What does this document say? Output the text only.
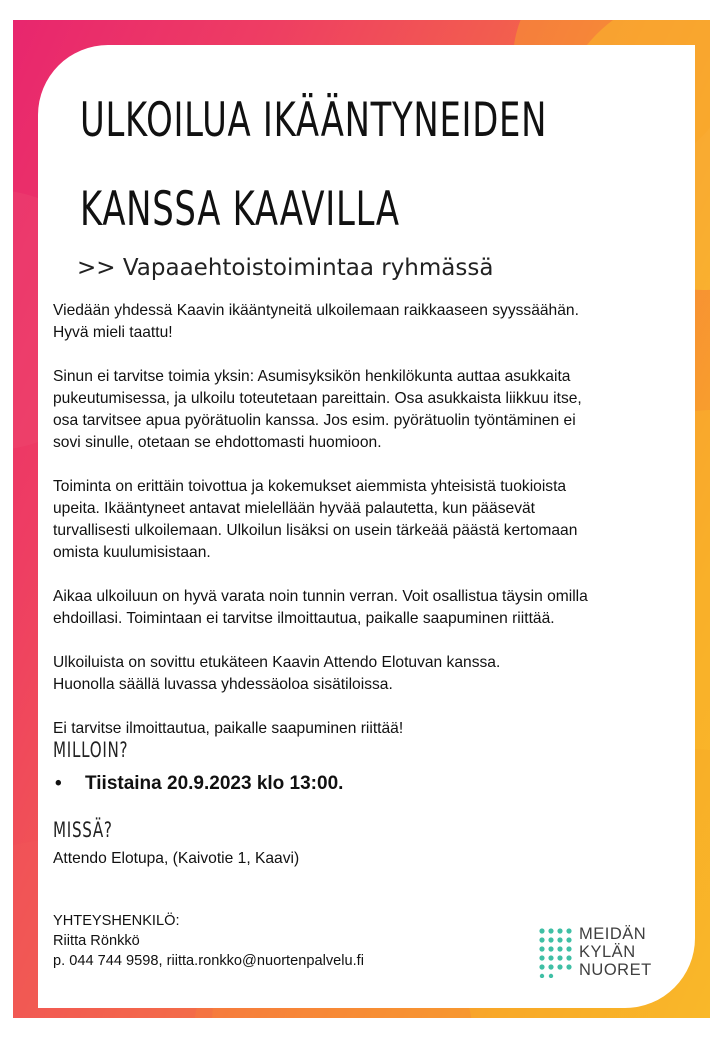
ULKOILUA IKÄÄNTYNEIDEN
KANSSA KAAVILLA
>> Vapaaehtoistoimintaa ryhmässä

Viedään yhdessä Kaavin ikääntyneitä ulkoilemaan raikkaaseen syyssäähän.
Hyvä mieli taattu!

Sinun ei tarvitse toimia yksin: Asumisyksikön henkilökunta auttaa asukkaita
pukeutumisessa, ja ulkoilu toteutetaan pareittain. Osa asukkaista liikkuu itse,
osa tarvitsee apua pyörätuolin kanssa. Jos esim. pyörätuolin työntäminen ei
sovi sinulle, otetaan se ehdottomasti huomioon.

Toiminta on erittäin toivottua ja kokemukset aiemmista yhteisistä tuokioista
upeita. Ikääntyneet antavat mielellään hyvää palautetta, kun pääsevät
turvallisesti ulkoilemaan. Ulkoilun lisäksi on usein tärkeää päästä kertomaan
omista kuulumisistaan.

Aikaa ulkoiluun on hyvä varata noin tunnin verran. Voit osallistua täysin omilla
ehdoillasi. Toimintaan ei tarvitse ilmoittautua, paikalle saapuminen riittää.

Ulkoiluista on sovittu etukäteen Kaavin Attendo Elotuvan kanssa.
Huonolla säällä luvassa yhdessäoloa sisätiloissa.

Ei tarvitse ilmoittautua, paikalle saapuminen riittää!

MILLOIN?
• Tiistaina 20.9.2023 klo 13:00.
MISSÄ?
Attendo Elotupa, (Kaivotie 1, Kaavi)
YHTEYSHENKILÖ:
Riitta Rönkkö
p. 044 744 9598, riitta.ronkko@nuortenpalvelu.fi
MEIDÄN
KYLÄN
NUORET
